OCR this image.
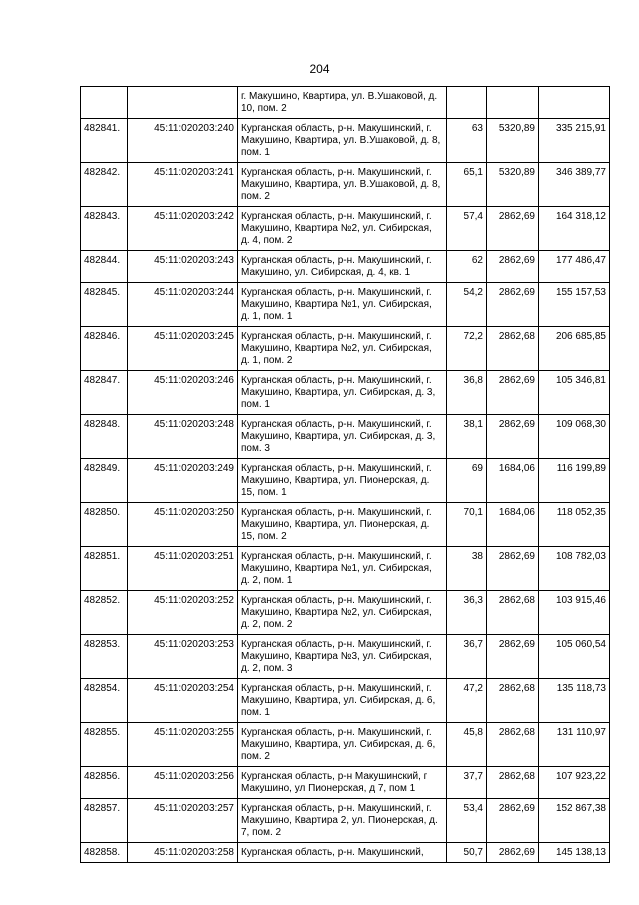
204
		г. Макушино, Квартира, ул. В.Ушаковой, д. 10, пом. 2			
482841.	45:11:020203:240	Курганская область, р-н. Макушинский, г. Макушино, Квартира, ул. В.Ушаковой, д. 8, пом. 1	63	5320,89	335 215,91
482842.	45:11:020203:241	Курганская область, р-н. Макушинский, г. Макушино, Квартира, ул. В.Ушаковой, д. 8, пом. 2	65,1	5320,89	346 389,77
482843.	45:11:020203:242	Курганская область, р-н. Макушинский, г. Макушино, Квартира №2, ул. Сибирская, д. 4, пом. 2	57,4	2862,69	164 318,12
482844.	45:11:020203:243	Курганская область, р-н. Макушинский, г. Макушино, ул. Сибирская, д. 4, кв. 1	62	2862,69	177 486,47
482845.	45:11:020203:244	Курганская область, р-н. Макушинский, г. Макушино, Квартира №1, ул. Сибирская, д. 1, пом. 1	54,2	2862,69	155 157,53
482846.	45:11:020203:245	Курганская область, р-н. Макушинский, г. Макушино, Квартира №2, ул. Сибирская, д. 1, пом. 2	72,2	2862,68	206 685,85
482847.	45:11:020203:246	Курганская область, р-н. Макушинский, г. Макушино, Квартира, ул. Сибирская, д. 3, пом. 1	36,8	2862,69	105 346,81
482848.	45:11:020203:248	Курганская область, р-н. Макушинский, г. Макушино, Квартира, ул. Сибирская, д. 3, пом. 3	38,1	2862,69	109 068,30
482849.	45:11:020203:249	Курганская область, р-н. Макушинский, г. Макушино, Квартира, ул. Пионерская, д. 15, пом. 1	69	1684,06	116 199,89
482850.	45:11:020203:250	Курганская область, р-н. Макушинский, г. Макушино, Квартира, ул. Пионерская, д. 15, пом. 2	70,1	1684,06	118 052,35
482851.	45:11:020203:251	Курганская область, р-н. Макушинский, г. Макушино, Квартира №1, ул. Сибирская, д. 2, пом. 1	38	2862,69	108 782,03
482852.	45:11:020203:252	Курганская область, р-н. Макушинский, г. Макушино, Квартира №2, ул. Сибирская, д. 2, пом. 2	36,3	2862,68	103 915,46
482853.	45:11:020203:253	Курганская область, р-н. Макушинский, г. Макушино, Квартира №3, ул. Сибирская, д. 2, пом. 3	36,7	2862,69	105 060,54
482854.	45:11:020203:254	Курганская область, р-н. Макушинский, г. Макушино, Квартира, ул. Сибирская, д. 6, пом. 1	47,2	2862,68	135 118,73
482855.	45:11:020203:255	Курганская область, р-н. Макушинский, г. Макушино, Квартира, ул. Сибирская, д. 6, пом. 2	45,8	2862,68	131 110,97
482856.	45:11:020203:256	Курганская область, р-н Макушинский, г Макушино, ул Пионерская, д 7, пом 1	37,7	2862,68	107 923,22
482857.	45:11:020203:257	Курганская область, р-н. Макушинский, г. Макушино, Квартира 2, ул. Пионерская, д. 7, пом. 2	53,4	2862,69	152 867,38
482858.	45:11:020203:258	Курганская область, р-н. Макушинский,	50,7	2862,69	145 138,13
